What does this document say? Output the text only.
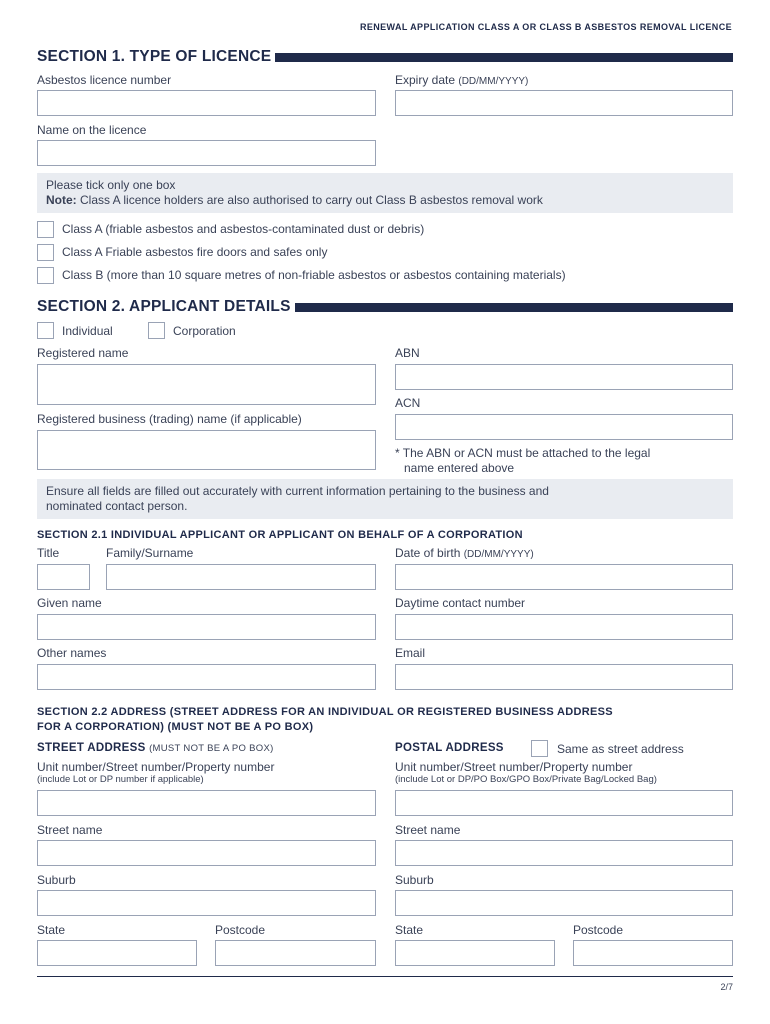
RENEWAL APPLICATION CLASS A OR CLASS B ASBESTOS REMOVAL LICENCE
SECTION 1. TYPE OF LICENCE
Asbestos licence number	Expiry date (DD/MM/YYYY)
Name on the licence
Please tick only one box
Note: Class A licence holders are also authorised to carry out Class B asbestos removal work
Class A (friable asbestos and asbestos-contaminated dust or debris)
Class A Friable asbestos fire doors and safes only
Class B (more than 10 square metres of non-friable asbestos or asbestos containing materials)
SECTION 2. APPLICANT DETAILS
Individual	Corporation
Registered name	ABN
ACN
Registered business (trading) name (if applicable)
* The ABN or ACN must be attached to the legal
name entered above
Ensure all fields are filled out accurately with current information pertaining to the business and
nominated contact person.
SECTION 2.1 INDIVIDUAL APPLICANT OR APPLICANT ON BEHALF OF A CORPORATION
Title	Family/Surname	Date of birth (DD/MM/YYYY)
Given name	Daytime contact number
Other names	Email
SECTION 2.2 ADDRESS (STREET ADDRESS FOR AN INDIVIDUAL OR REGISTERED BUSINESS ADDRESS
FOR A CORPORATION) (MUST NOT BE A PO BOX)
STREET ADDRESS (MUST NOT BE A PO BOX)	POSTAL ADDRESS	Same as street address
Unit number/Street number/Property number
(include Lot or DP number if applicable)
Unit number/Street number/Property number
(include Lot or DP/PO Box/GPO Box/Private Bag/Locked Bag)
Street name	Street name
Suburb	Suburb
State	Postcode	State	Postcode
2/7
